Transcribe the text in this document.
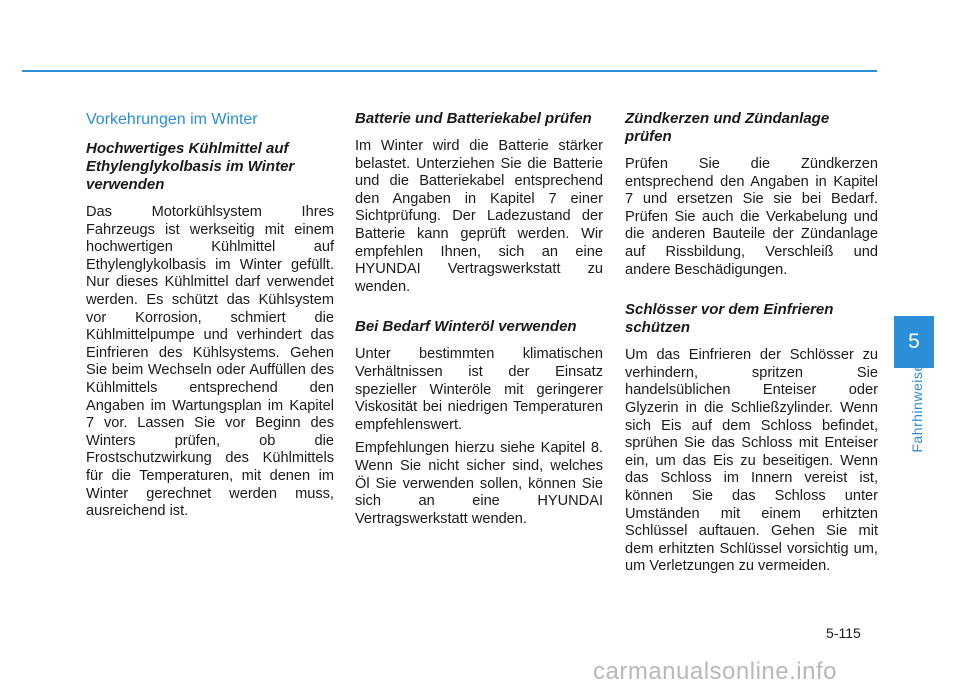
Vorkehrungen im Winter
Hochwertiges Kühlmittel auf Ethylenglykolbasis im Winter verwenden

Das Motorkühlsystem Ihres Fahrzeugs ist werkseitig mit einem hochwertigen Kühlmittel auf Ethylenglykolbasis im Winter gefüllt. Nur dieses Kühlmittel darf verwendet werden. Es schützt das Kühlsystem vor Korrosion, schmiert die Kühlmittelpumpe und verhindert das Einfrieren des Kühlsystems. Gehen Sie beim Wechseln oder Auffüllen des Kühlmittels entsprechend den Angaben im Wartungsplan im Kapitel 7 vor. Lassen Sie vor Beginn des Winters prüfen, ob die Frostschutzwirkung des Kühlmittels für die Temperaturen, mit denen im Winter gerechnet werden muss, ausreichend ist.

Batterie und Batteriekabel prüfen

Im Winter wird die Batterie stärker belastet. Unterziehen Sie die Batterie und die Batteriekabel entsprechend den Angaben in Kapitel 7 einer Sichtprüfung. Der Ladezustand der Batterie kann geprüft werden. Wir empfehlen Ihnen, sich an eine HYUNDAI Vertragswerkstatt zu wenden.

Bei Bedarf Winteröl verwenden

Unter bestimmten klimatischen Verhältnissen ist der Einsatz spezieller Winteröle mit geringerer Viskosität bei niedrigen Temperaturen empfehlenswert.

Empfehlungen hierzu siehe Kapitel 8. Wenn Sie nicht sicher sind, welches Öl Sie verwenden sollen, können Sie sich an eine HYUNDAI Vertragswerkstatt wenden.

Zündkerzen und Zündanlage prüfen

Prüfen Sie die Zündkerzen entsprechend den Angaben in Kapitel 7 und ersetzen Sie sie bei Bedarf. Prüfen Sie auch die Verkabelung und die anderen Bauteile der Zündanlage auf Rissbildung, Verschleiß und andere Beschädigungen.

Schlösser vor dem Einfrieren schützen

Um das Einfrieren der Schlösser zu verhindern, spritzen Sie handelsüblichen Enteiser oder Glyzerin in die Schließzylinder. Wenn sich Eis auf dem Schloss befindet, sprühen Sie das Schloss mit Enteiser ein, um das Eis zu beseitigen. Wenn das Schloss im Innern vereist ist, können Sie das Schloss unter Umständen mit einem erhitzten Schlüssel auftauen. Gehen Sie mit dem erhitzten Schlüssel vorsichtig um, um Verletzungen zu vermeiden.

5
Fahrhinweise
5-115
carmanualsonline.info
